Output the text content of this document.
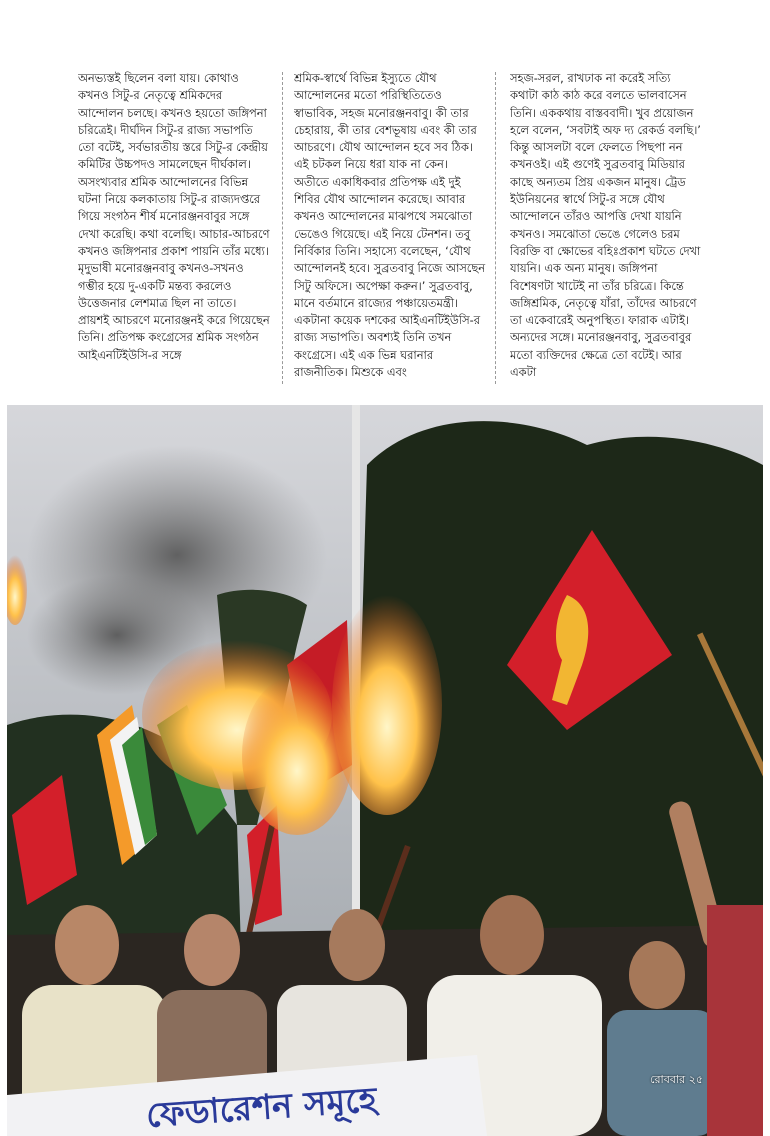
অনভ্যস্তই ছিলেন বলা যায়। কোথাও কখনও সিটু-র নেতৃত্বে শ্রমিকদের আন্দোলন চলছে। কখনও হয়তো জঙ্গিপনা চরিত্রেই। দীর্ঘদিন সিটু-র রাজ্য সভাপতি তো বটেই, সর্বভারতীয় স্তরে সিটু-র কেন্দ্রীয় কমিটির উচ্চপদও সামলেছেন দীর্ঘকাল। অসংখ্যবার শ্রমিক আন্দোলনের বিভিন্ন ঘটনা নিয়ে কলকাতায় সিটু-র রাজ্যদপ্তরে গিয়ে সংগঠন শীর্ষ মনোরঞ্জনবাবুর সঙ্গে দেখা করেছি। কথা বলেছি। আচার-আচরণে কখনও জঙ্গিপনার প্রকাশ পায়নি তাঁর মধ্যে। মৃদুভাষী মনোরঞ্জনবাবু কখনও-সখনও গম্ভীর হয়ে দু-একটি মন্তব্য করলেও উত্তেজনার লেশমাত্র ছিল না তাতে। প্রায়শই আচরণে মনোরঞ্জনই করে গিয়েছেন তিনি। প্রতিপক্ষ কংগ্রেসের শ্রমিক সংগঠন আইএনটিইউসি-র সঙ্গে
শ্রমিক-স্বার্থে বিভিন্ন ইস্যুতে যৌথ আন্দোলনের মতো পরিস্থিতিতেও স্বাভাবিক, সহজ মনোরঞ্জনবাবু। কী তার চেহারায়, কী তার বেশভূষায় এবং কী তার আচরণে। যৌথ আন্দোলন হবে সব ঠিক। এই চটকল নিয়ে ধরা যাক না কেন। অতীতে একাধিকবার প্রতিপক্ষ এই দুই শিবির যৌথ আন্দোলন করেছে। আবার কখনও আন্দোলনের মাঝপথে সমঝোতা ভেঙেও গিয়েছে। এই নিয়ে টেনশন। তবু নির্বিকার তিনি। সহাস্যে বলেছেন, ‘যৌথ আন্দোলনই হবে। সুব্রতবাবু নিজে আসছেন সিটু অফিসে। অপেক্ষা করুন।’ সুব্রতবাবু, মানে বর্তমানে রাজ্যের পঞ্চায়েতমন্ত্রী। একটানা কয়েক দশকের আইএনটিইউসি-র রাজ্য সভাপতি। অবশ্যই তিনি তখন কংগ্রেসে। এই এক ভিন্ন ঘরানার রাজনীতিক। মিশুকে এবং
সহজ-সরল, রাখঢাক না করেই সত্যি কথাটা কাঠ কাঠ করে বলতে ভালবাসেন তিনি। এককথায় বাস্তববাদী। খুব প্রয়োজন হলে বলেন, ‘সবটাই অফ দ্য রেকর্ড বলছি।’ কিন্তু আসলটা বলে ফেলতে পিছপা নন কখনওই। এই গুণেই সুব্রতবাবু মিডিয়ার কাছে অন্যতম প্রিয় একজন মানুষ। ট্রেড ইউনিয়নের স্বার্থে সিটু-র সঙ্গে যৌথ আন্দোলনে তাঁরও আপত্তি দেখা যায়নি কখনও। সমঝোতা ভেঙে গেলেও চরম বিরক্তি বা ক্ষোভের বহিঃপ্রকাশ ঘটতে দেখা যায়নি। এক অন্য মানুষ। জঙ্গিপনা বিশেষণটা খাটেই না তাঁর চরিত্রে। কিন্তে জঙ্গিশ্রমিক, নেতৃত্বে যাঁরা, তাঁদের আচরণে তা একেবারেই অনুপস্থিত। ফারাক এটাই। অন্যদের সঙ্গে। মনোরঞ্জনবাবু, সুব্রতবাবুর মতো ব্যক্তিদের ক্ষেত্রে তো বটেই। আর একটা
ফেডারেশন সমূহে
রোববার ২৫
